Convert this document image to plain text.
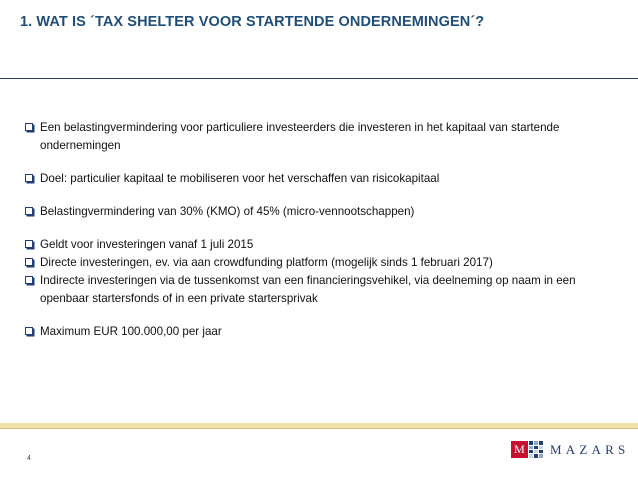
1. WAT IS ´TAX SHELTER VOOR STARTENDE ONDERNEMINGEN´?
Een belastingvermindering voor particuliere investeerders die investeren in het kapitaal van startende ondernemingen
Doel: particulier kapitaal te mobiliseren voor het verschaffen van risicokapitaal
Belastingvermindering van 30% (KMO) of 45% (micro-vennootschappen)
Geldt voor investeringen vanaf 1 juli 2015
Directe investeringen, ev. via aan crowdfunding platform (mogelijk sinds 1 februari 2017)
Indirecte investeringen via de tussenkomst van een financieringsvehikel, via deelneming op naam in een openbaar startersfonds of in een private startersprivak
Maximum EUR 100.000,00 per jaar
4
M MAZARS
